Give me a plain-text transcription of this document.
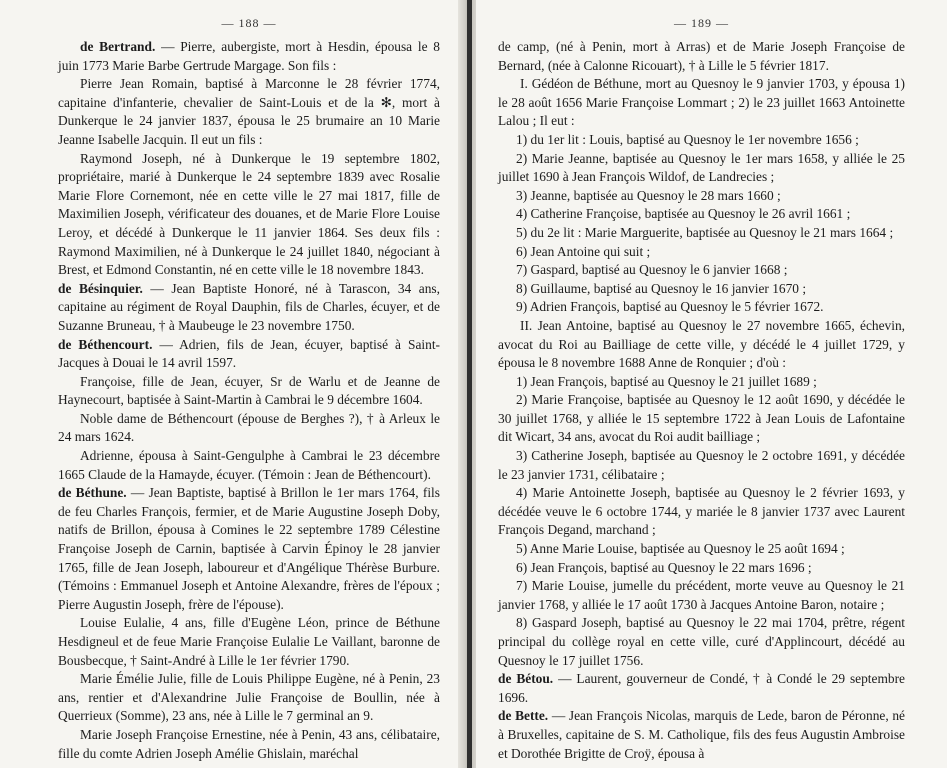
— 188 —

de Bertrand. — Pierre, aubergiste, mort à Hesdin, épousa le 8 juin 1773 Marie Barbe Gertrude Margage. Son fils :

Pierre Jean Romain, baptisé à Marconne le 28 février 1774, capitaine d'infanterie, chevalier de Saint-Louis et de la ✻, mort à Dunkerque le 24 janvier 1837, épousa le 25 brumaire an 10 Marie Jeanne Isabelle Jacquin. Il eut un fils :

Raymond Joseph, né à Dunkerque le 19 septembre 1802, propriétaire, marié à Dunkerque le 24 septembre 1839 avec Rosalie Marie Flore Cornemont, née en cette ville le 27 mai 1817, fille de Maximilien Joseph, vérificateur des douanes, et de Marie Flore Louise Leroy, et décédé à Dunkerque le 11 janvier 1864. Ses deux fils : Raymond Maximilien, né à Dunkerque le 24 juillet 1840, négociant à Brest, et Edmond Constantin, né en cette ville le 18 novembre 1843.

de Bésinquier. — Jean Baptiste Honoré, né à Tarascon, 34 ans, capitaine au régiment de Royal Dauphin, fils de Charles, écuyer, et de Suzanne Bruneau, † à Maubeuge le 23 novembre 1750.

de Béthencourt. — Adrien, fils de Jean, écuyer, baptisé à Saint-Jacques à Douai le 14 avril 1597.

Françoise, fille de Jean, écuyer, Sr de Warlu et de Jeanne de Haynecourt, baptisée à Saint-Martin à Cambrai le 9 décembre 1604.

Noble dame de Béthencourt (épouse de Berghes ?), † à Arleux le 24 mars 1624.

Adrienne, épousa à Saint-Gengulphe à Cambrai le 23 décembre 1665 Claude de la Hamayde, écuyer. (Témoin : Jean de Béthencourt).

de Béthune. — Jean Baptiste, baptisé à Brillon le 1er mars 1764, fils de feu Charles François, fermier, et de Marie Augustine Joseph Doby, natifs de Brillon, épousa à Comines le 22 septembre 1789 Célestine Françoise Joseph de Carnin, baptisée à Carvin Épinoy le 28 janvier 1765, fille de Jean Joseph, laboureur et d'Angélique Thérèse Burbure. (Témoins : Emmanuel Joseph et Antoine Alexandre, frères de l'époux ; Pierre Augustin Joseph, frère de l'épouse).

Louise Eulalie, 4 ans, fille d'Eugène Léon, prince de Béthune Hesdigneul et de feue Marie Françoise Eulalie Le Vaillant, baronne de Bousbecque, † Saint-André à Lille le 1er février 1790.

Marie Émélie Julie, fille de Louis Philippe Eugène, né à Penin, 23 ans, rentier et d'Alexandrine Julie Françoise de Boullin, née à Querrieux (Somme), 23 ans, née à Lille le 7 germinal an 9.

Marie Joseph Françoise Ernestine, née à Penin, 43 ans, célibataire, fille du comte Adrien Joseph Amélie Ghislain, maréchal

— 189 —

de camp, (né à Penin, mort à Arras) et de Marie Joseph Françoise de Bernard, (née à Calonne Ricouart), † à Lille le 5 février 1817.

I. Gédéon de Béthune, mort au Quesnoy le 9 janvier 1703, y épousa 1) le 28 août 1656 Marie Françoise Lommart ; 2) le 23 juillet 1663 Antoinette Lalou ; Il eut :

1) du 1er lit : Louis, baptisé au Quesnoy le 1er novembre 1656 ;

2) Marie Jeanne, baptisée au Quesnoy le 1er mars 1658, y alliée le 25 juillet 1690 à Jean François Wildof, de Landrecies ;

3) Jeanne, baptisée au Quesnoy le 28 mars 1660 ;

4) Catherine Françoise, baptisée au Quesnoy le 26 avril 1661 ;

5) du 2e lit : Marie Marguerite, baptisée au Quesnoy le 21 mars 1664 ;

6) Jean Antoine qui suit ;

7) Gaspard, baptisé au Quesnoy le 6 janvier 1668 ;

8) Guillaume, baptisé au Quesnoy le 16 janvier 1670 ;

9) Adrien François, baptisé au Quesnoy le 5 février 1672.

II. Jean Antoine, baptisé au Quesnoy le 27 novembre 1665, échevin, avocat du Roi au Bailliage de cette ville, y décédé le 4 juillet 1729, y épousa le 8 novembre 1688 Anne de Ronquier ; d'où :

1) Jean François, baptisé au Quesnoy le 21 juillet 1689 ;

2) Marie Françoise, baptisée au Quesnoy le 12 août 1690, y décédée le 30 juillet 1768, y alliée le 15 septembre 1722 à Jean Louis de Lafontaine dit Wicart, 34 ans, avocat du Roi audit bailliage ;

3) Catherine Joseph, baptisée au Quesnoy le 2 octobre 1691, y décédée le 23 janvier 1731, célibataire ;

4) Marie Antoinette Joseph, baptisée au Quesnoy le 2 février 1693, y décédée veuve le 6 octobre 1744, y mariée le 8 janvier 1737 avec Laurent François Degand, marchand ;

5) Anne Marie Louise, baptisée au Quesnoy le 25 août 1694 ;

6) Jean François, baptisé au Quesnoy le 22 mars 1696 ;

7) Marie Louise, jumelle du précédent, morte veuve au Quesnoy le 21 janvier 1768, y alliée le 17 août 1730 à Jacques Antoine Baron, notaire ;

8) Gaspard Joseph, baptisé au Quesnoy le 22 mai 1704, prêtre, régent principal du collège royal en cette ville, curé d'Applincourt, décédé au Quesnoy le 17 juillet 1756.

de Bétou. — Laurent, gouverneur de Condé, † à Condé le 29 septembre 1696.

de Bette. — Jean François Nicolas, marquis de Lede, baron de Péronne, né à Bruxelles, capitaine de S. M. Catholique, fils des feus Augustin Ambroise et Dorothée Brigitte de Croÿ, épousa à
